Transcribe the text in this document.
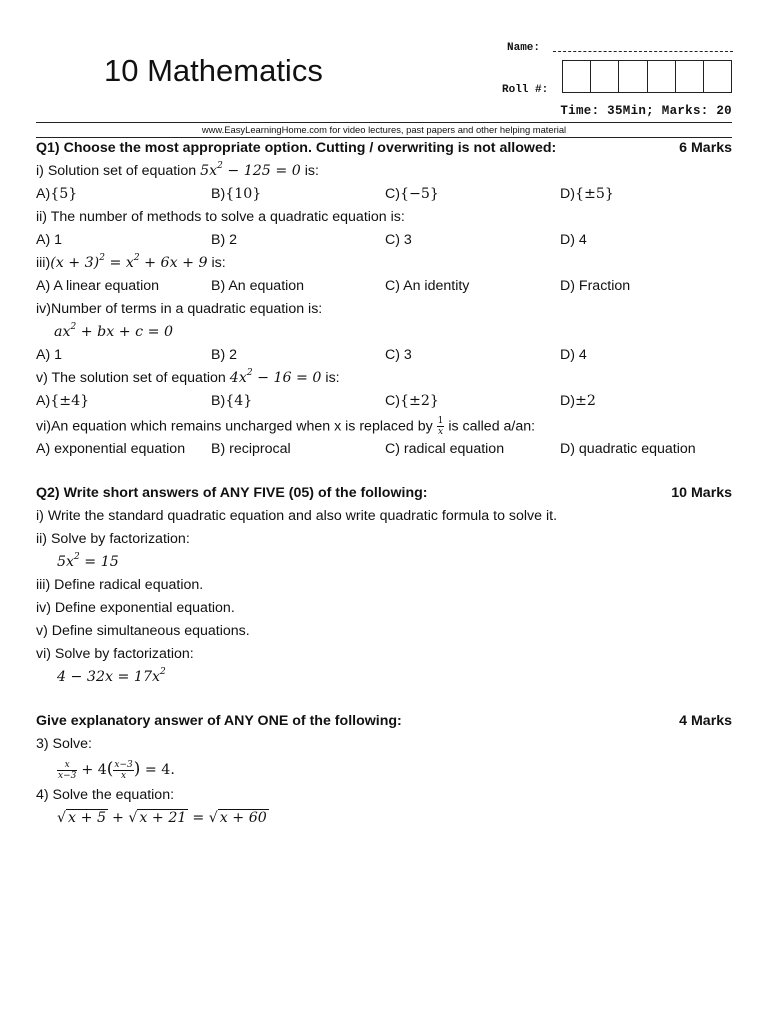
10 Mathematics
Name:
Roll #:
Time: 35Min; Marks: 20
www.EasyLearningHome.com for video lectures, past papers and other helping material
Q1) Choose the most appropriate option. Cutting / overwriting is not allowed:	6 Marks
i) Solution set of equation $5x^2 - 125 = 0$ is:
A){5}	B){10}	C){−5}	D){±5}
ii) The number of methods to solve a quadratic equation is:
A) 1	B) 2	C) 3	D) 4
$iii)(x + 3)^2 = x^2 + 6x + 9$ is:
A) A linear equation	B) An equation	C) An identity	D) Fraction
iv)Number of terms in a quadratic equation is:
$ax^2$ + bx + c = 0
A) 1	B) 2	C) 3	D) 4
v) The solution set of equation $4x^2 - 16 = 0$ is:
A){±4}	B){4}	C){±2}	D)±2
vi)An equation which remains uncharged when x is replaced by $\frac{1}{x}$ is called a/an:
A) exponential equation B) reciprocal	C) radical equation	D) quadratic equation
Q2) Write short answers of ANY FIVE (05) of the following:	10 Marks
i) Write the standard quadratic equation and also write quadratic formula to solve it.
ii) Solve by factorization:
$5x^2 = 15$
iii) Define radical equation.
iv) Define exponential equation.
v) Define simultaneous equations.
vi) Solve by factorization:
$4 - 32x = 17x^2$
Give explanatory answer of ANY ONE of the following:	4 Marks
3) Solve:
$\frac{x}{x-3} + 4( \frac{x-3}{x}$ ) = 4.
4) Solve the equation:
√ x + 5 + √ x + 21 = √ x + 60
